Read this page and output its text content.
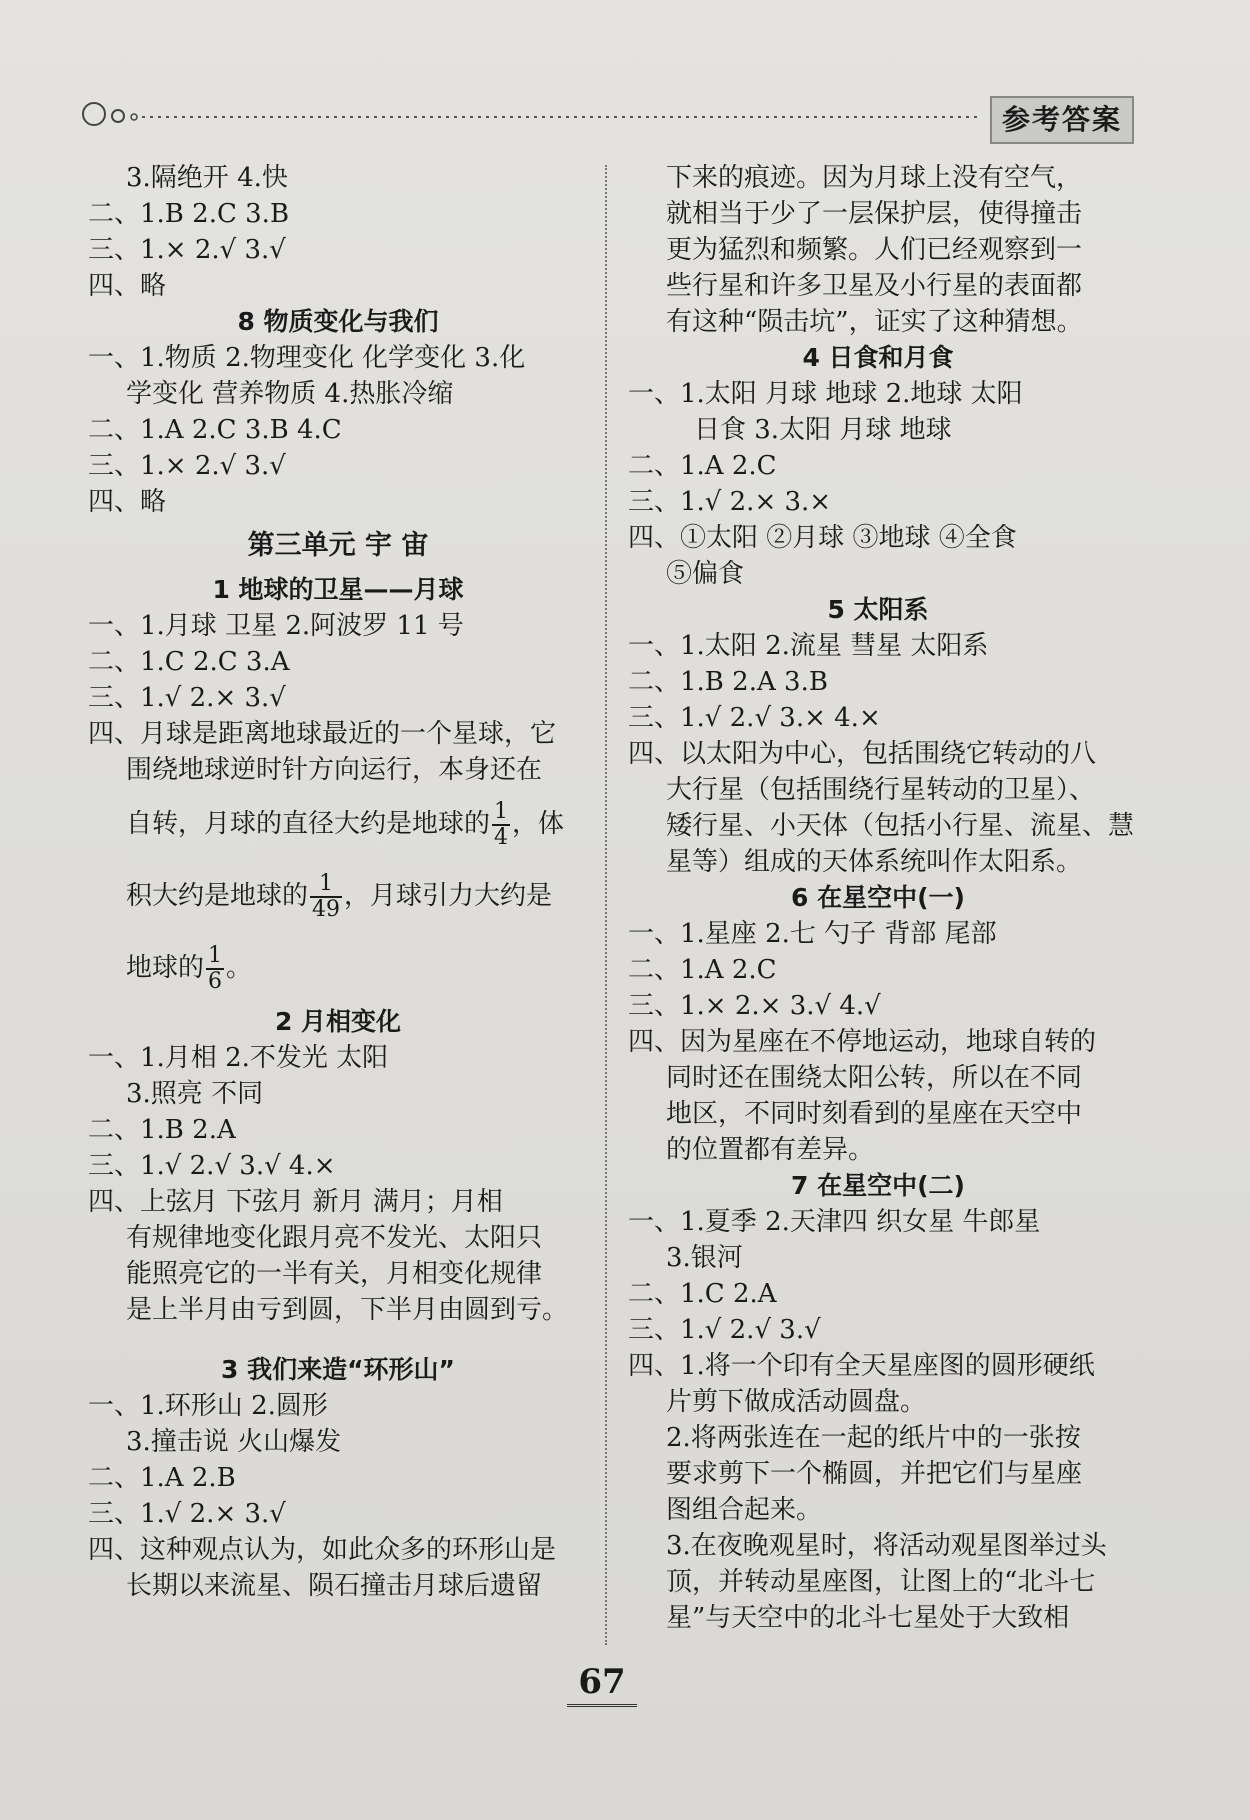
参考答案
3.隔绝开 4.快
二、1.B 2.C 3.B
三、1.× 2.√ 3.√
四、略
8 物质变化与我们
一、1.物质 2.物理变化 化学变化 3.化
学变化 营养物质 4.热胀冷缩
二、1.A 2.C 3.B 4.C
三、1.× 2.√ 3.√
四、略
第三单元 宇 宙
1 地球的卫星——月球
一、1.月球 卫星 2.阿波罗 11 号
二、1.C 2.C 3.A
三、1.√ 2.× 3.√
四、月球是距离地球最近的一个星球，它
围绕地球逆时针方向运行，本身还在
自转，月球的直径大约是地球的 $\frac{1}{4}$ ，体
积大约是地球的 $\frac{1}{49}$ ，月球引力大约是
地球的 $\frac{1}{6}$ 。
2 月相变化
一、1.月相 2.不发光 太阳
3.照亮 不同
二、1.B 2.A
三、1.√ 2.√ 3.√ 4.×
四、上弦月 下弦月 新月 满月；月相
有规律地变化跟月亮不发光、太阳只
能照亮它的一半有关，月相变化规律
是上半月由亏到圆，下半月由圆到亏。
3 我们来造“环形山”
一、1.环形山 2.圆形
3.撞击说 火山爆发
二、1.A 2.B
三、1.√ 2.× 3.√
四、这种观点认为，如此众多的环形山是
长期以来流星、陨石撞击月球后遗留
下来的痕迹。因为月球上没有空气，
就相当于少了一层保护层，使得撞击
更为猛烈和频繁。人们已经观察到一
些行星和许多卫星及小行星的表面都
有这种“陨击坑”，证实了这种猜想。
4 日食和月食
一、1.太阳 月球 地球 2.地球 太阳
日食 3.太阳 月球 地球
二、1.A 2.C
三、1.√ 2.× 3.×
四、①太阳 ②月球 ③地球 ④全食
⑤偏食
5 太阳系
一、1.太阳 2.流星 彗星 太阳系
二、1.B 2.A 3.B
三、1.√ 2.√ 3.× 4.×
四、以太阳为中心，包括围绕它转动的八
大行星（包括围绕行星转动的卫星）、
矮行星、小天体（包括小行星、流星、慧
星等）组成的天体系统叫作太阳系。
6 在星空中(一)
一、1.星座 2.七 勺子 背部 尾部
二、1.A 2.C
三、1.× 2.× 3.√ 4.√
四、因为星座在不停地运动，地球自转的
同时还在围绕太阳公转，所以在不同
地区，不同时刻看到的星座在天空中
的位置都有差异。
7 在星空中(二)
一、1.夏季 2.天津四 织女星 牛郎星
3.银河
二、1.C 2.A
三、1.√ 2.√ 3.√
四、1.将一个印有全天星座图的圆形硬纸
片剪下做成活动圆盘。
2.将两张连在一起的纸片中的一张按
要求剪下一个椭圆，并把它们与星座
图组合起来。
3.在夜晚观星时，将活动观星图举过头
顶，并转动星座图，让图上的“北斗七
星”与天空中的北斗七星处于大致相
67
